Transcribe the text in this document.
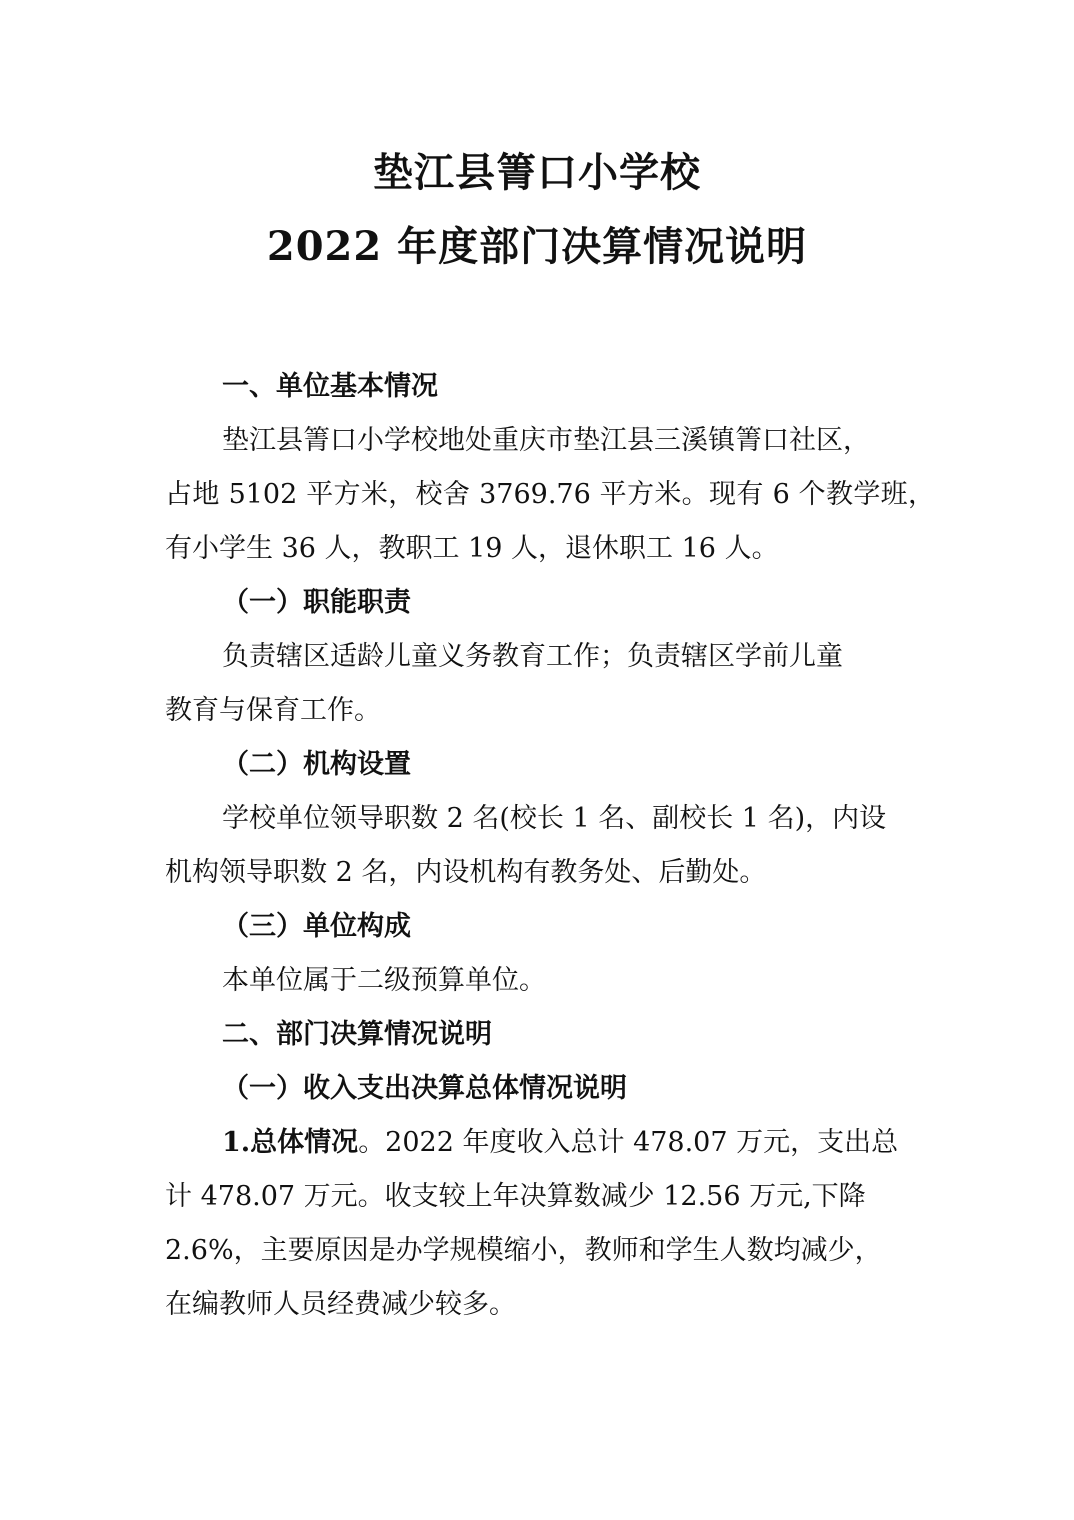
垫江县箐口小学校
2022 年度部门决算情况说明
一、单位基本情况
垫江县箐口小学校地处重庆市垫江县三溪镇箐口社区，
占地 5102 平方米，校舍 3769.76 平方米。现有 6 个教学班，
有小学生 36 人，教职工 19 人，退休职工 16 人。
（一）职能职责
负责辖区适龄儿童义务教育工作；负责辖区学前儿童
教育与保育工作。
（二）机构设置
学校单位领导职数 2 名(校长 1 名、副校长 1 名)，内设
机构领导职数 2 名，内设机构有教务处、后勤处。
（三）单位构成
本单位属于二级预算单位。
二、部门决算情况说明
（一）收入支出决算总体情况说明
1.总体情况。2022 年度收入总计 478.07 万元，支出总
计 478.07 万元。收支较上年决算数减少 12.56 万元,下降
2.6%，主要原因是办学规模缩小，教师和学生人数均减少，
在编教师人员经费减少较多。
